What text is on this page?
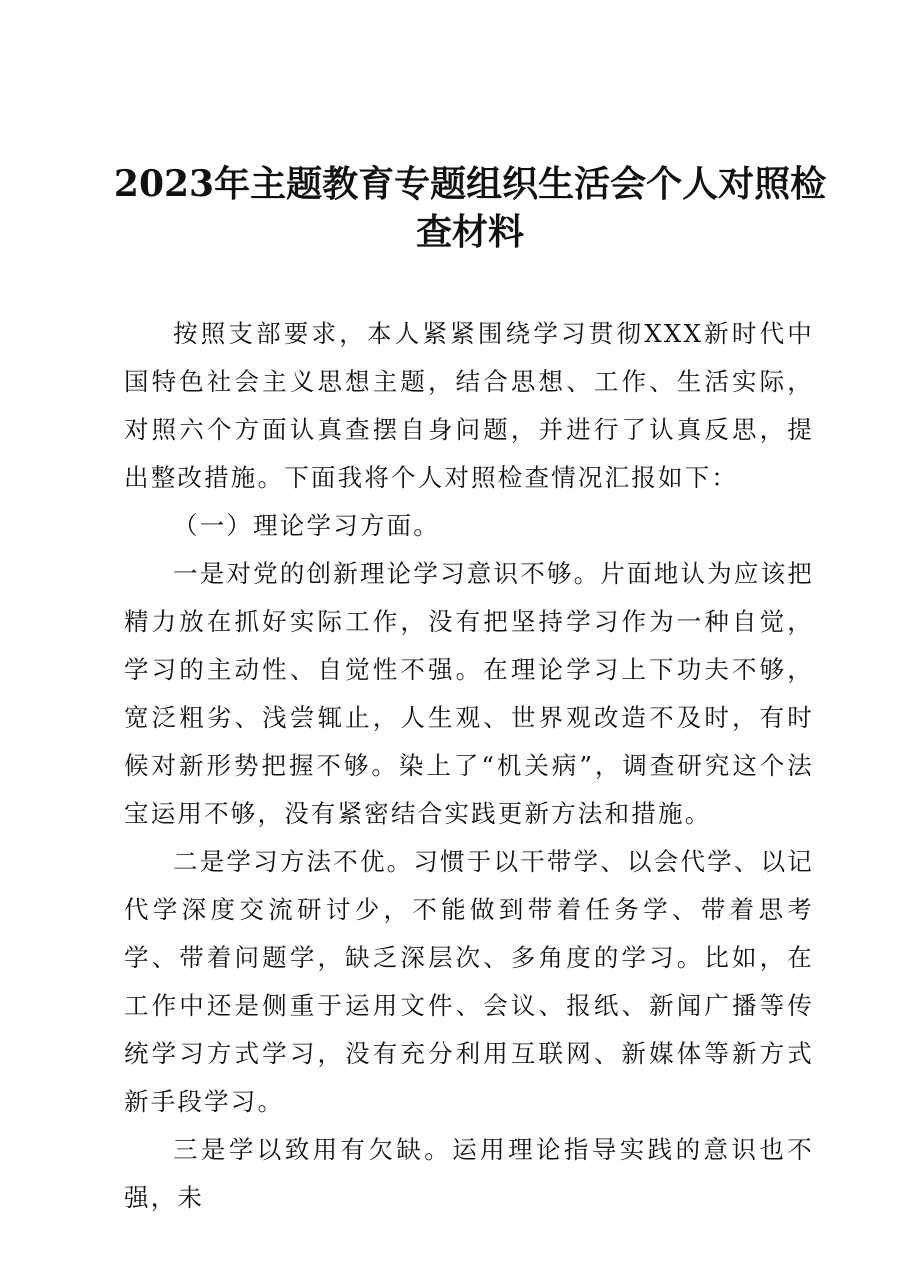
2023年主题教育专题组织生活会个人对照检查材料

按照支部要求，本人紧紧围绕学习贯彻XXX新时代中国特色社会主义思想主题，结合思想、工作、生活实际，对照六个方面认真查摆自身问题，并进行了认真反思，提出整改措施。下面我将个人对照检查情况汇报如下：

（一）理论学习方面。

一是对党的创新理论学习意识不够。片面地认为应该把精力放在抓好实际工作，没有把坚持学习作为一种自觉，学习的主动性、自觉性不强。在理论学习上下功夫不够，宽泛粗劣、浅尝辄止，人生观、世界观改造不及时，有时候对新形势把握不够。染上了“机关病”，调查研究这个法宝运用不够，没有紧密结合实践更新方法和措施。

二是学习方法不优。习惯于以干带学、以会代学、以记代学深度交流研讨少，不能做到带着任务学、带着思考学、带着问题学，缺乏深层次、多角度的学习。比如，在工作中还是侧重于运用文件、会议、报纸、新闻广播等传统学习方式学习，没有充分利用互联网、新媒体等新方式新手段学习。

三是学以致用有欠缺。运用理论指导实践的意识也不强，未
